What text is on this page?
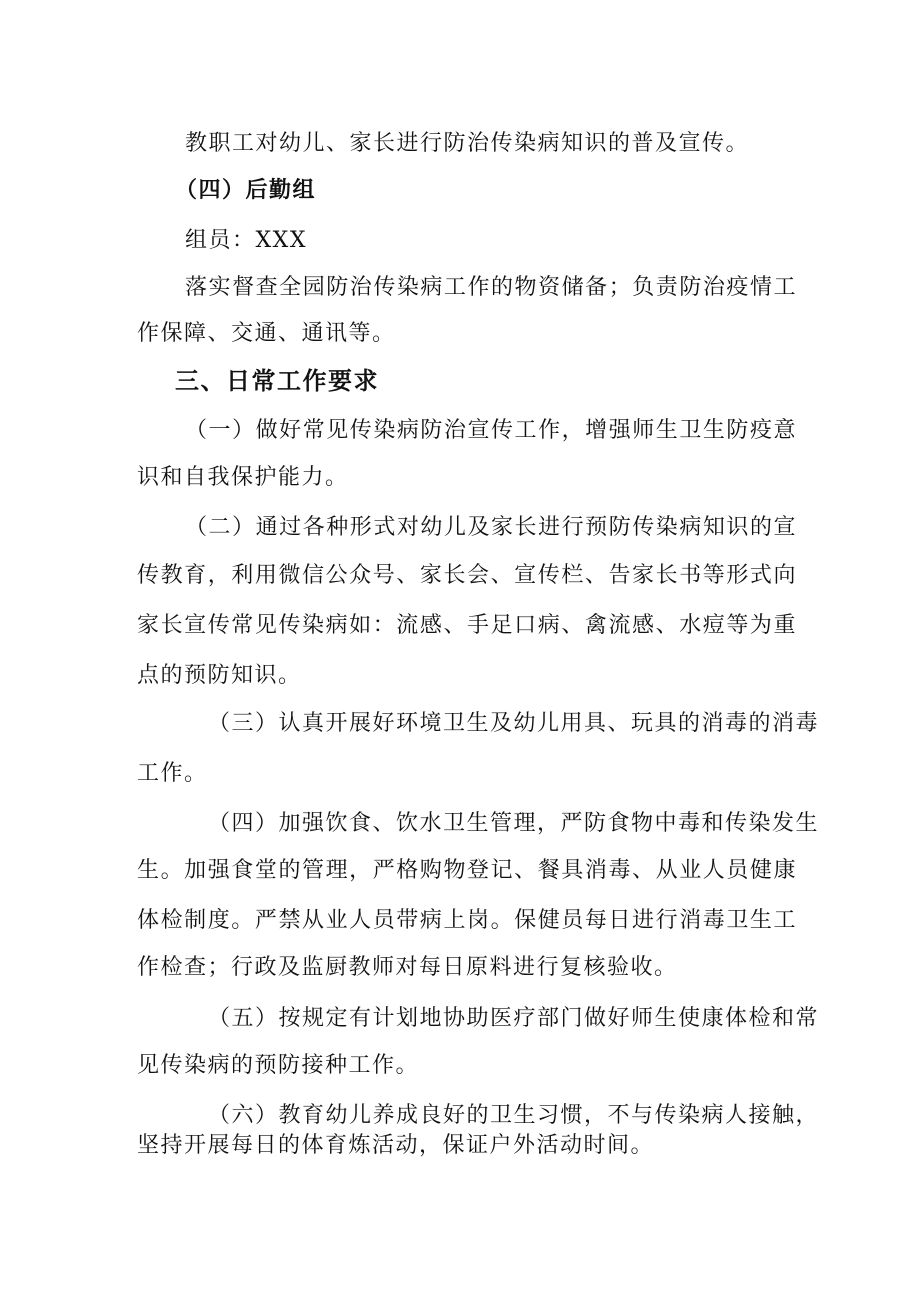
教职工对幼儿、家长进行防治传染病知识的普及宣传。
（四）后勤组
组员：XXX
落实督查全园防治传染病工作的物资储备；负责防治疫情工
作保障、交通、通讯等。
三、日常工作要求
（一）做好常见传染病防治宣传工作，增强师生卫生防疫意
识和自我保护能力。
（二）通过各种形式对幼儿及家长进行预防传染病知识的宣
传教育，利用微信公众号、家长会、宣传栏、告家长书等形式向
家长宣传常见传染病如：流感、手足口病、禽流感、水痘等为重
点的预防知识。
（三）认真开展好环境卫生及幼儿用具、玩具的消毒的消毒
工作。
（四）加强饮食、饮水卫生管理，严防食物中毒和传染发生
生。加强食堂的管理，严格购物登记、餐具消毒、从业人员健康
体检制度。严禁从业人员带病上岗。保健员每日进行消毒卫生工
作检查；行政及监厨教师对每日原料进行复核验收。
（五）按规定有计划地协助医疗部门做好师生使康体检和常
见传染病的预防接种工作。
（六）教育幼儿养成良好的卫生习惯，不与传染病人接触，
坚持开展每日的体育炼活动，保证户外活动时间。
